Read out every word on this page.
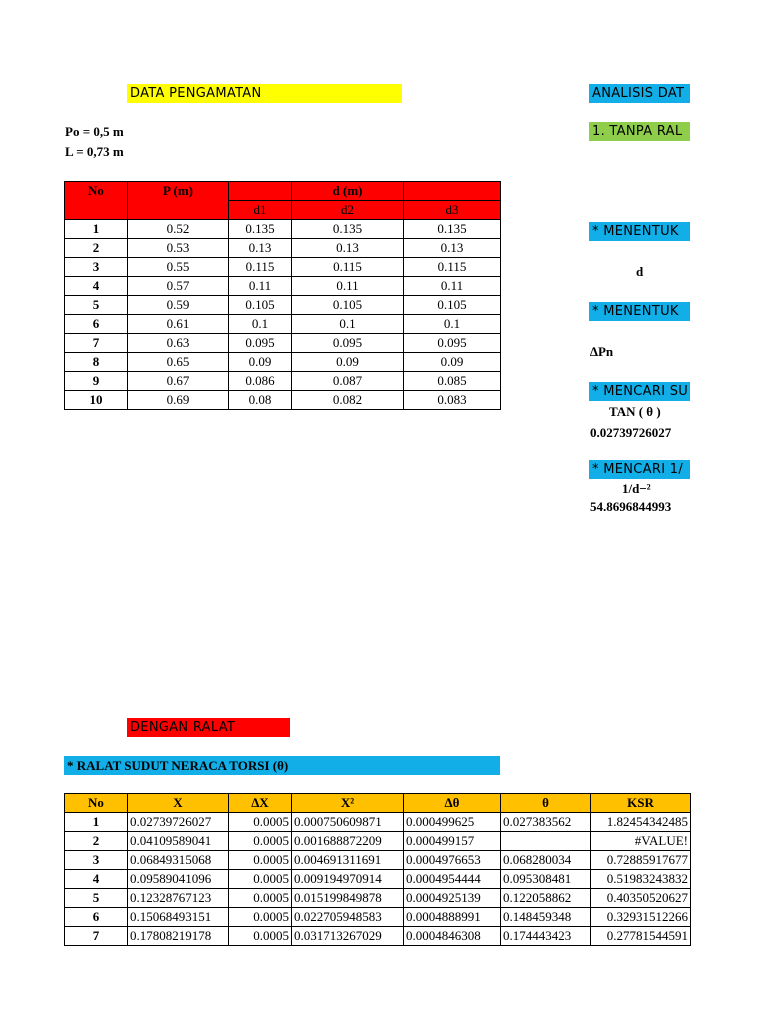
DATA PENGAMATAN	ANALISIS DAT
Po = 0,5 m
L = 0,73 m
1. TANPA RAL
No	P (m)		d (m)	
		d1	d2	d3
1	0.52	0.135	0.135	0.135
2	0.53	0.13	0.13	0.13
3	0.55	0.115	0.115	0.115
4	0.57	0.11	0.11	0.11
5	0.59	0.105	0.105	0.105
6	0.61	0.1	0.1	0.1
7	0.63	0.095	0.095	0.095
8	0.65	0.09	0.09	0.09
9	0.67	0.086	0.087	0.085
10	0.69	0.08	0.082	0.083
* MENENTUK
d
* MENENTUK
∆Pn
* MENCARI SU
TAN ( θ )
0.02739726027
* MENCARI 1/
1/d−²
54.8696844993
DENGAN RALAT
* RALAT SUDUT NERACA TORSI (θ)
No	X	∆X	X²	∆θ	θ	KSR
1	0.02739726027	0.0005	0.000750609871	0.000499625	0.027383562	1.82454342485
2	0.04109589041	0.0005	0.001688872209	0.000499157		#VALUE!
3	0.06849315068	0.0005	0.004691311691	0.0004976653	0.068280034	0.72885917677
4	0.09589041096	0.0005	0.009194970914	0.0004954444	0.095308481	0.51983243832
5	0.12328767123	0.0005	0.015199849878	0.0004925139	0.122058862	0.40350520627
6	0.15068493151	0.0005	0.022705948583	0.0004888991	0.148459348	0.32931512266
7	0.17808219178	0.0005	0.031713267029	0.0004846308	0.174443423	0.27781544591
